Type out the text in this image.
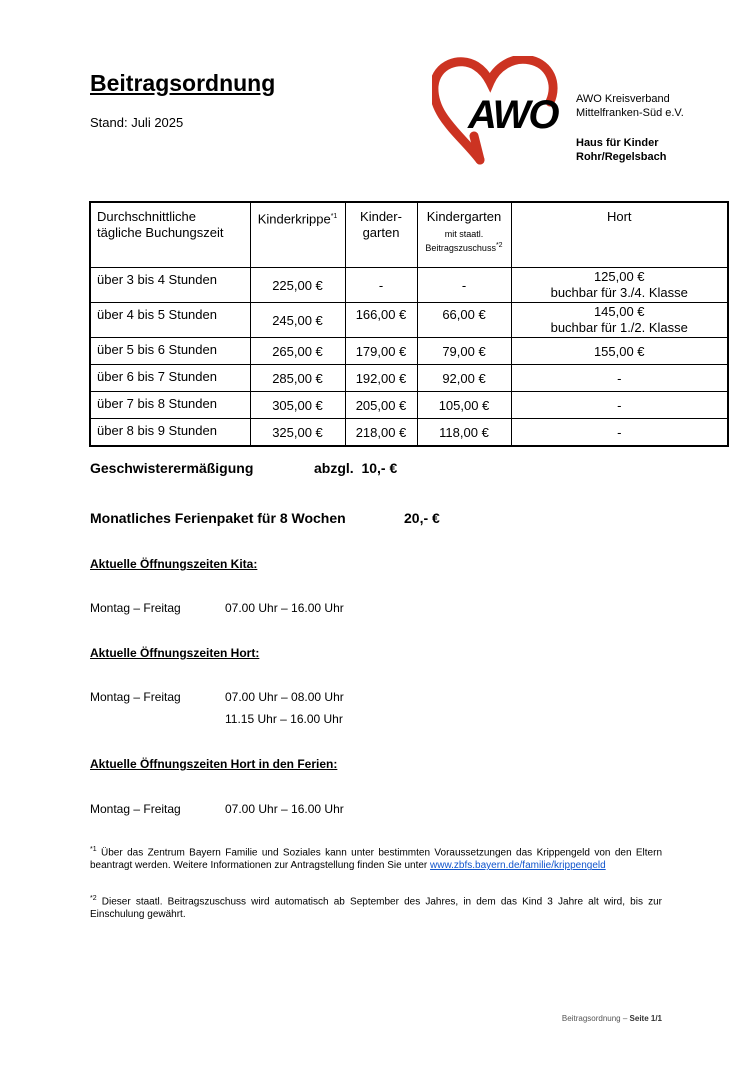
Beitragsordnung
Stand: Juli 2025	AWO AWO Kreisverband
Mittelfranken-Süd e.V.
Haus für Kinder
Rohr/Regelsbach
Durchschnittliche
tägliche Buchungszeit	Kinderkrippe$^{*1}$	Kinder-
garten	Kindergarten
mit staatl.
Beitragszuschuss$^{*2}$	Hort
über 3 bis 4 Stunden	225,00 €	-	-	125,00 €
buchbar für 3./4. Klasse
über 4 bis 5 Stunden	245,00 €	166,00 €	66,00 €	145,00 €
buchbar für 1./2. Klasse
über 5 bis 6 Stunden	265,00 €	179,00 €	79,00 €	155,00 €
über 6 bis 7 Stunden	285,00 €	192,00 €	92,00 €	-
über 7 bis 8 Stunden	305,00 €	205,00 €	105,00 €	-
über 8 bis 9 Stunden	325,00 €	218,00 €	118,00 €	-
Geschwisterermäßigung	abzgl.  10,- €
Monatliches Ferienpaket für 8 Wochen	20,- €
Aktuelle Öffnungszeiten Kita:
Montag – Freitag	07.00 Uhr – 16.00 Uhr
Aktuelle Öffnungszeiten Hort:
Montag – Freitag	07.00 Uhr – 08.00 Uhr
11.15 Uhr – 16.00 Uhr
Aktuelle Öffnungszeiten Hort in den Ferien:
Montag – Freitag	07.00 Uhr – 16.00 Uhr
$^{*1}$ Über das Zentrum Bayern Familie und Soziales kann unter bestimmten Voraussetzungen das Krippengeld von den Eltern beantragt werden. Weitere Informationen zur Antragstellung finden Sie unter www.zbfs.bayern.de/familie/krippengeld
$^{*2}$ Dieser staatl. Beitragszuschuss wird automatisch ab September des Jahres, in dem das Kind 3 Jahre alt wird, bis zur Einschulung gewährt.
Beitragsordnung – Seite 1/1
